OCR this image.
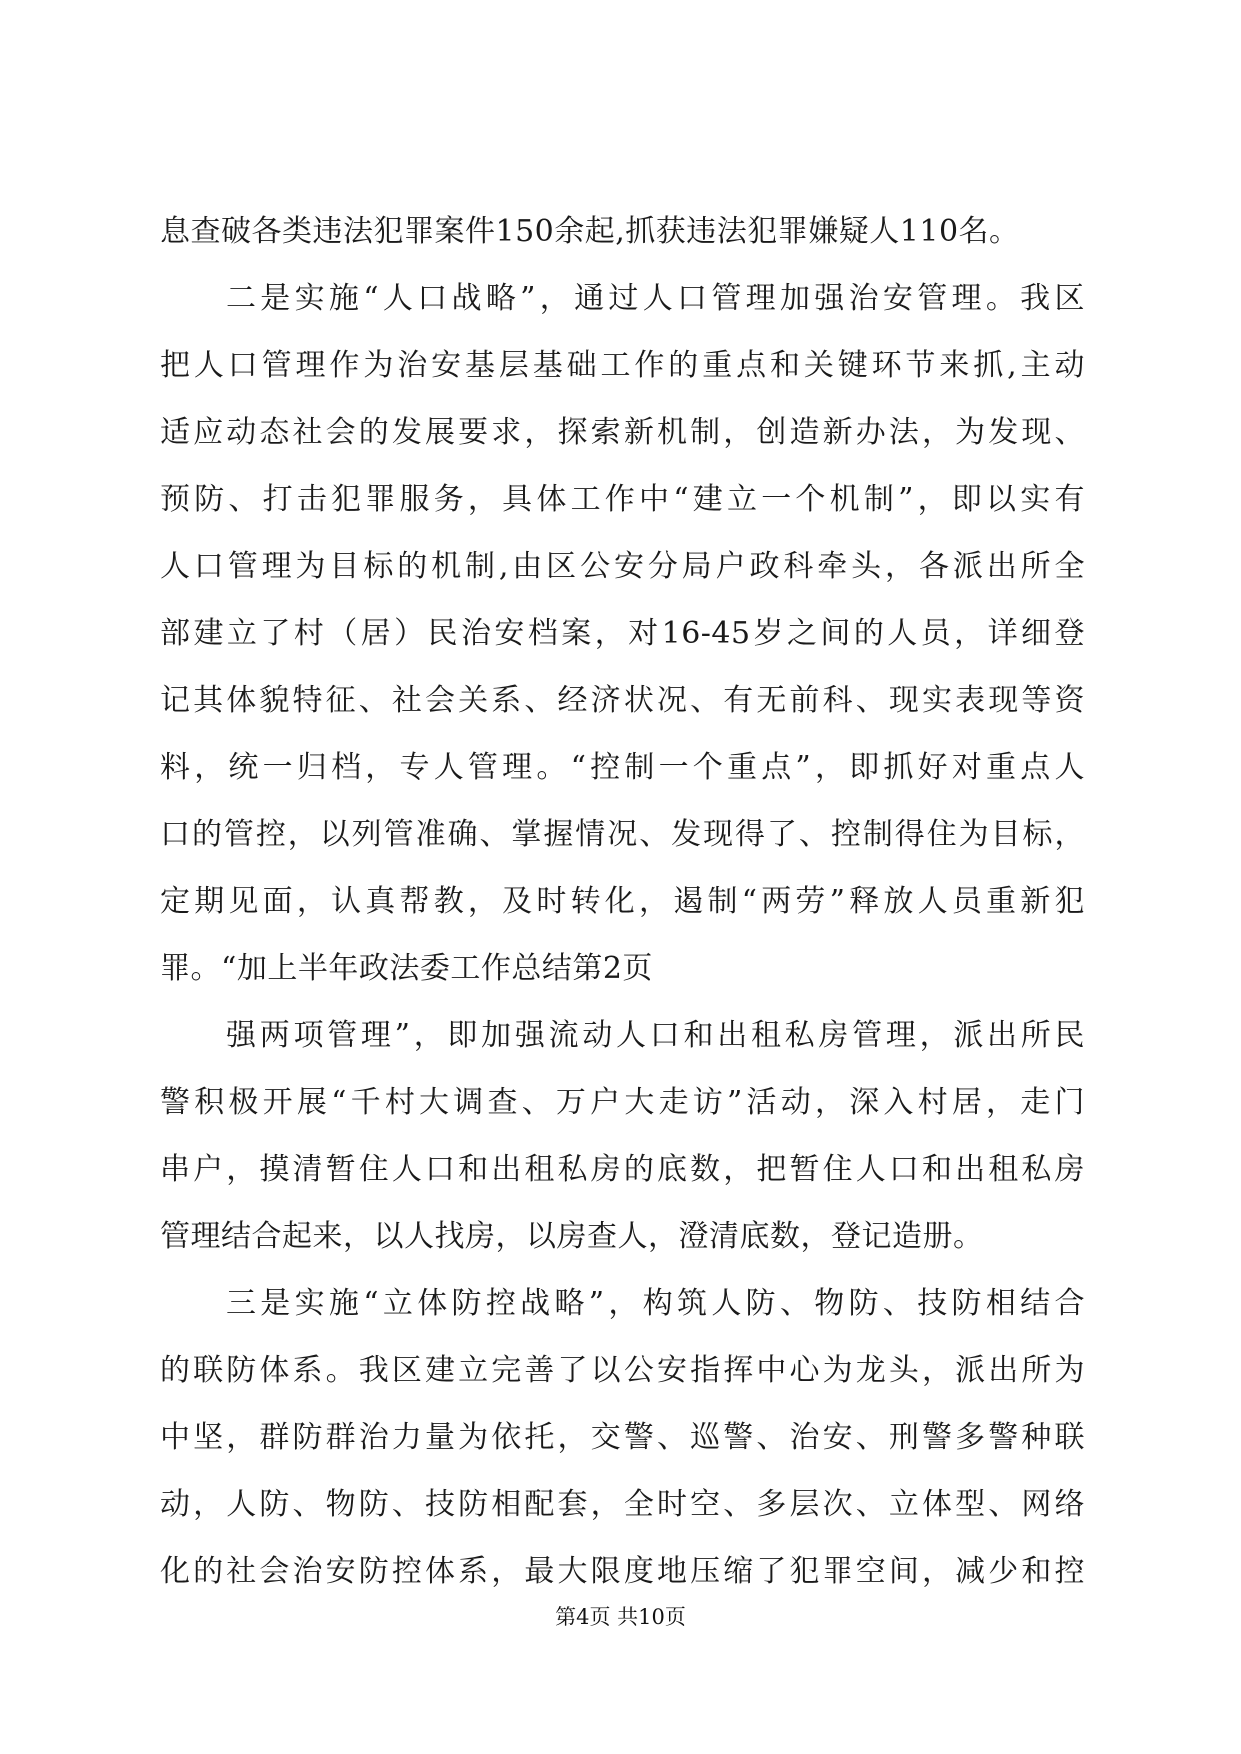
息查破各类违法犯罪案件150余起,抓获违法犯罪嫌疑人110名。
二是实施“人口战略”，通过人口管理加强治安管理。我区
把人口管理作为治安基层基础工作的重点和关键环节来抓,主动
适应动态社会的发展要求，探索新机制，创造新办法，为发现、
预防、打击犯罪服务，具体工作中“建立一个机制”，即以实有
人口管理为目标的机制,由区公安分局户政科牵头，各派出所全
部建立了村（居）民治安档案，对16-45岁之间的人员，详细登
记其体貌特征、社会关系、经济状况、有无前科、现实表现等资
料，统一归档，专人管理。“控制一个重点”，即抓好对重点人
口的管控，以列管准确、掌握情况、发现得了、控制得住为目标，
定期见面，认真帮教，及时转化，遏制“两劳”释放人员重新犯
罪。“加上半年政法委工作总结第2页
强两项管理”，即加强流动人口和出租私房管理，派出所民
警积极开展“千村大调查、万户大走访”活动，深入村居，走门
串户，摸清暂住人口和出租私房的底数，把暂住人口和出租私房
管理结合起来，以人找房，以房查人，澄清底数，登记造册。
三是实施“立体防控战略”，构筑人防、物防、技防相结合
的联防体系。我区建立完善了以公安指挥中心为龙头，派出所为
中坚，群防群治力量为依托，交警、巡警、治安、刑警多警种联
动，人防、物防、技防相配套，全时空、多层次、立体型、网络
化的社会治安防控体系，最大限度地压缩了犯罪空间，减少和控
第4页 共10页
